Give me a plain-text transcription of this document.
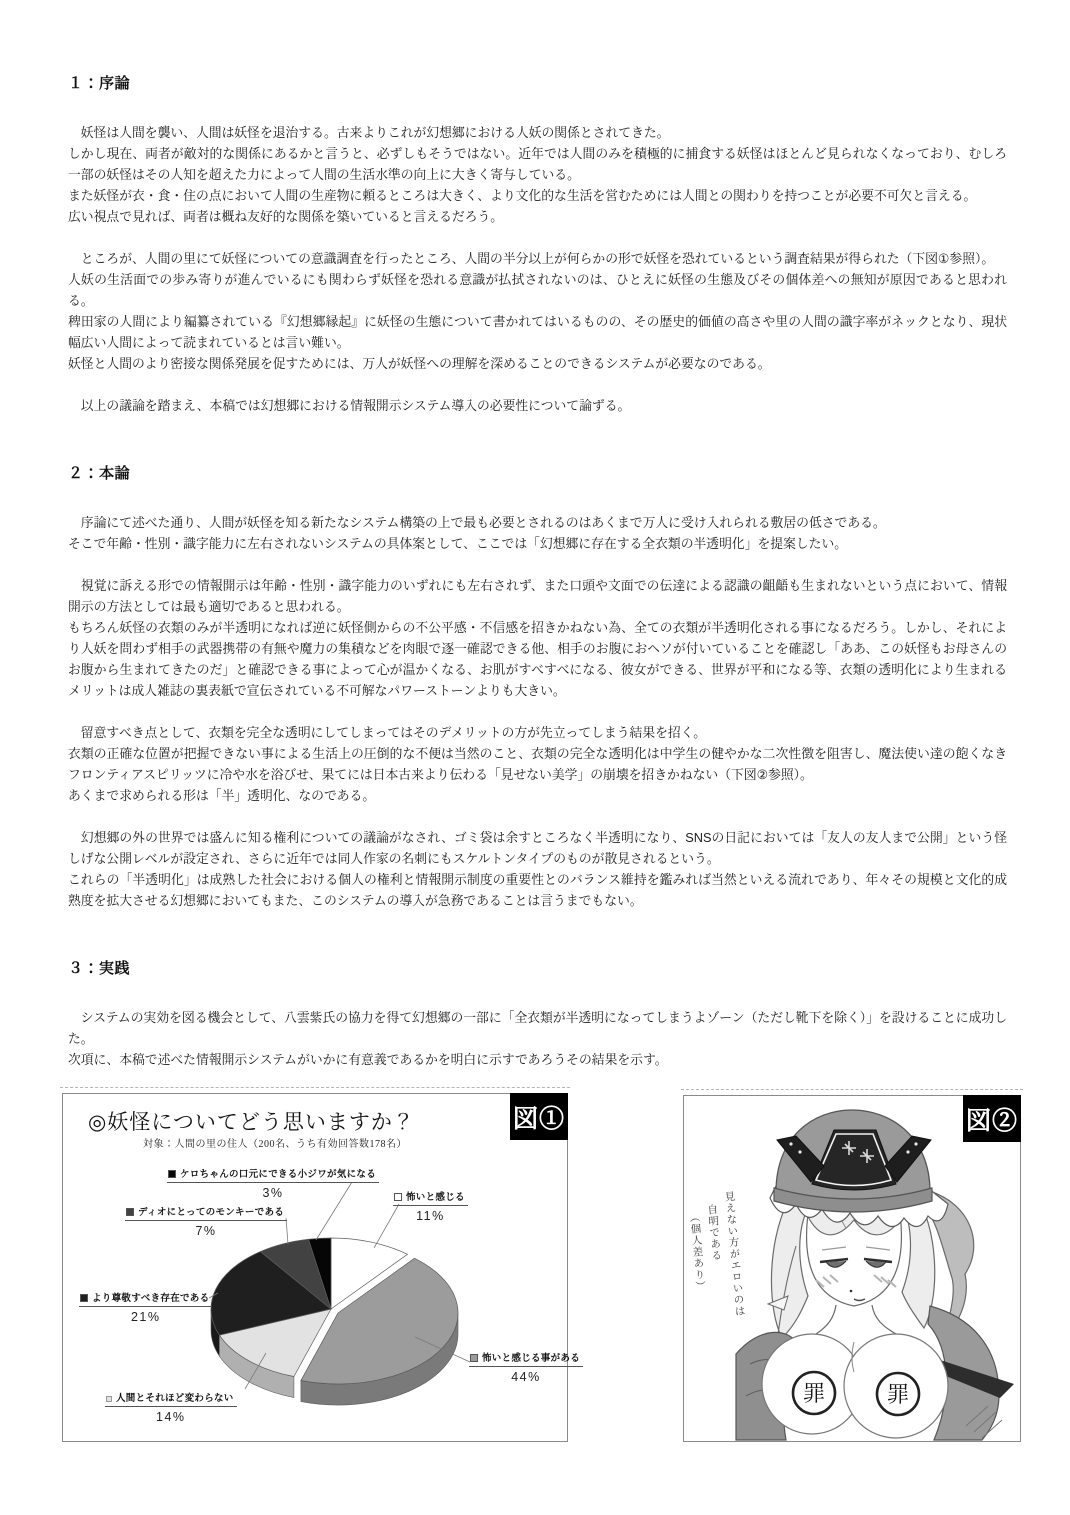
１：序論
　妖怪は人間を襲い、人間は妖怪を退治する。古来よりこれが幻想郷における人妖の関係とされてきた。
しかし現在、両者が敵対的な関係にあるかと言うと、必ずしもそうではない。近年では人間のみを積極的に捕食する妖怪はほとんど見られなくなっており、むしろ一部の妖怪はその人知を超えた力によって人間の生活水準の向上に大きく寄与している。
また妖怪が衣・食・住の点において人間の生産物に頼るところは大きく、より文化的な生活を営むためには人間との関わりを持つことが必要不可欠と言える。
広い視点で見れば、両者は概ね友好的な関係を築いていると言えるだろう。
　ところが、人間の里にて妖怪についての意識調査を行ったところ、人間の半分以上が何らかの形で妖怪を恐れているという調査結果が得られた（下図①参照）。
人妖の生活面での歩み寄りが進んでいるにも関わらず妖怪を恐れる意識が払拭されないのは、ひとえに妖怪の生態及びその個体差への無知が原因であると思われる。
稗田家の人間により編纂されている『幻想郷縁起』に妖怪の生態について書かれてはいるものの、その歴史的価値の高さや里の人間の識字率がネックとなり、現状幅広い人間によって読まれているとは言い難い。
妖怪と人間のより密接な関係発展を促すためには、万人が妖怪への理解を深めることのできるシステムが必要なのである。
　以上の議論を踏まえ、本稿では幻想郷における情報開示システム導入の必要性について論ずる。
２：本論
　序論にて述べた通り、人間が妖怪を知る新たなシステム構築の上で最も必要とされるのはあくまで万人に受け入れられる敷居の低さである。
そこで年齢・性別・識字能力に左右されないシステムの具体案として、ここでは「幻想郷に存在する全衣類の半透明化」を提案したい。
　視覚に訴える形での情報開示は年齢・性別・識字能力のいずれにも左右されず、また口頭や文面での伝達による認識の齟齬も生まれないという点において、情報開示の方法としては最も適切であると思われる。
もちろん妖怪の衣類のみが半透明になれば逆に妖怪側からの不公平感・不信感を招きかねない為、全ての衣類が半透明化される事になるだろう。しかし、それにより人妖を問わず相手の武器携帯の有無や魔力の集積などを肉眼で逐一確認できる他、相手のお腹におヘソが付いていることを確認し「ああ、この妖怪もお母さんのお腹から生まれてきたのだ」と確認できる事によって心が温かくなる、お肌がすべすべになる、彼女ができる、世界が平和になる等、衣類の透明化により生まれるメリットは成人雑誌の裏表紙で宣伝されている不可解なパワーストーンよりも大きい。
　留意すべき点として、衣類を完全な透明にしてしまってはそのデメリットの方が先立ってしまう結果を招く。
衣類の正確な位置が把握できない事による生活上の圧倒的な不便は当然のこと、衣類の完全な透明化は中学生の健やかな二次性徴を阻害し、魔法使い達の飽くなきフロンティアスピリッツに冷や水を浴びせ、果てには日本古来より伝わる「見せない美学」の崩壊を招きかねない（下図②参照）。
あくまで求められる形は「半」透明化、なのである。
　幻想郷の外の世界では盛んに知る権利についての議論がなされ、ゴミ袋は余すところなく半透明になり、SNSの日記においては「友人の友人まで公開」という怪しげな公開レベルが設定され、さらに近年では同人作家の名刺にもスケルトンタイプのものが散見されるという。
これらの「半透明化」は成熟した社会における個人の権利と情報開示制度の重要性とのバランス維持を鑑みれば当然といえる流れであり、年々その規模と文化的成熟度を拡大させる幻想郷においてもまた、このシステムの導入が急務であることは言うまでもない。
３：実践
　システムの実効を図る機会として、八雲紫氏の協力を得て幻想郷の一部に「全衣類が半透明になってしまうよゾーン（ただし靴下を除く）」を設けることに成功した。
次項に、本稿で述べた情報開示システムがいかに有意義であるかを明白に示すであろうその結果を示す。
図①
◎妖怪についてどう思いますか？
対象：人間の里の住人（200名、うち有効回答数178名）
怖いと感じる
11%
怖いと感じる事がある
44%
人間とそれほど変わらない
14%
より尊敬すべき存在である
21%
ディオにとってのモンキーである
7%
ケロちゃんの口元にできる小ジワが気になる
3%
図②
見えない方がエロいのは
　自明である
　　（個人差あり）
罪	罪
